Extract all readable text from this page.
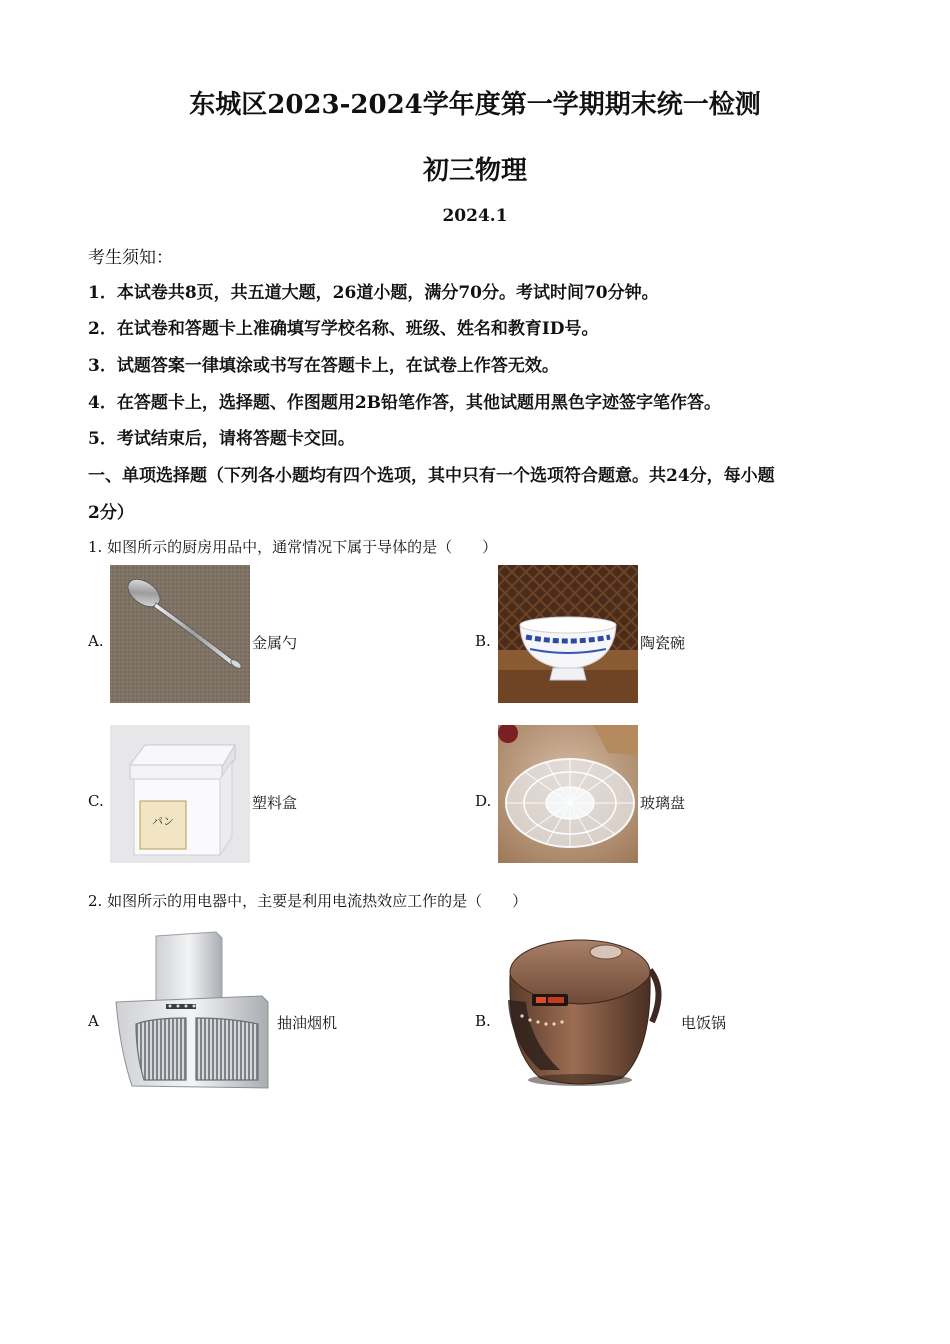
东城区2023-2024学年度第一学期期末统一检测
初三物理
2024.1
考生须知：
1．本试卷共8页，共五道大题，26道小题，满分70分。考试时间70分钟。
2．在试卷和答题卡上准确填写学校名称、班级、姓名和教育ID号。
3．试题答案一律填涂或书写在答题卡上，在试卷上作答无效。
4．在答题卡上，选择题、作图题用2B铅笔作答，其他试题用黑色字迹签字笔作答。
5．考试结束后，请将答题卡交回。
一、单项选择题（下列各小题均有四个选项，其中只有一个选项符合题意。共24分，每小题
2分）
1. 如图所示的厨房用品中，通常情况下属于导体的是（　　）
A.	金属勺	B.	陶瓷碗
C.
パン
塑料盒	D.	玻璃盘
2. 如图所示的用电器中，主要是利用电流热效应工作的是（　　）
A	抽油烟机	B.	电饭锅
